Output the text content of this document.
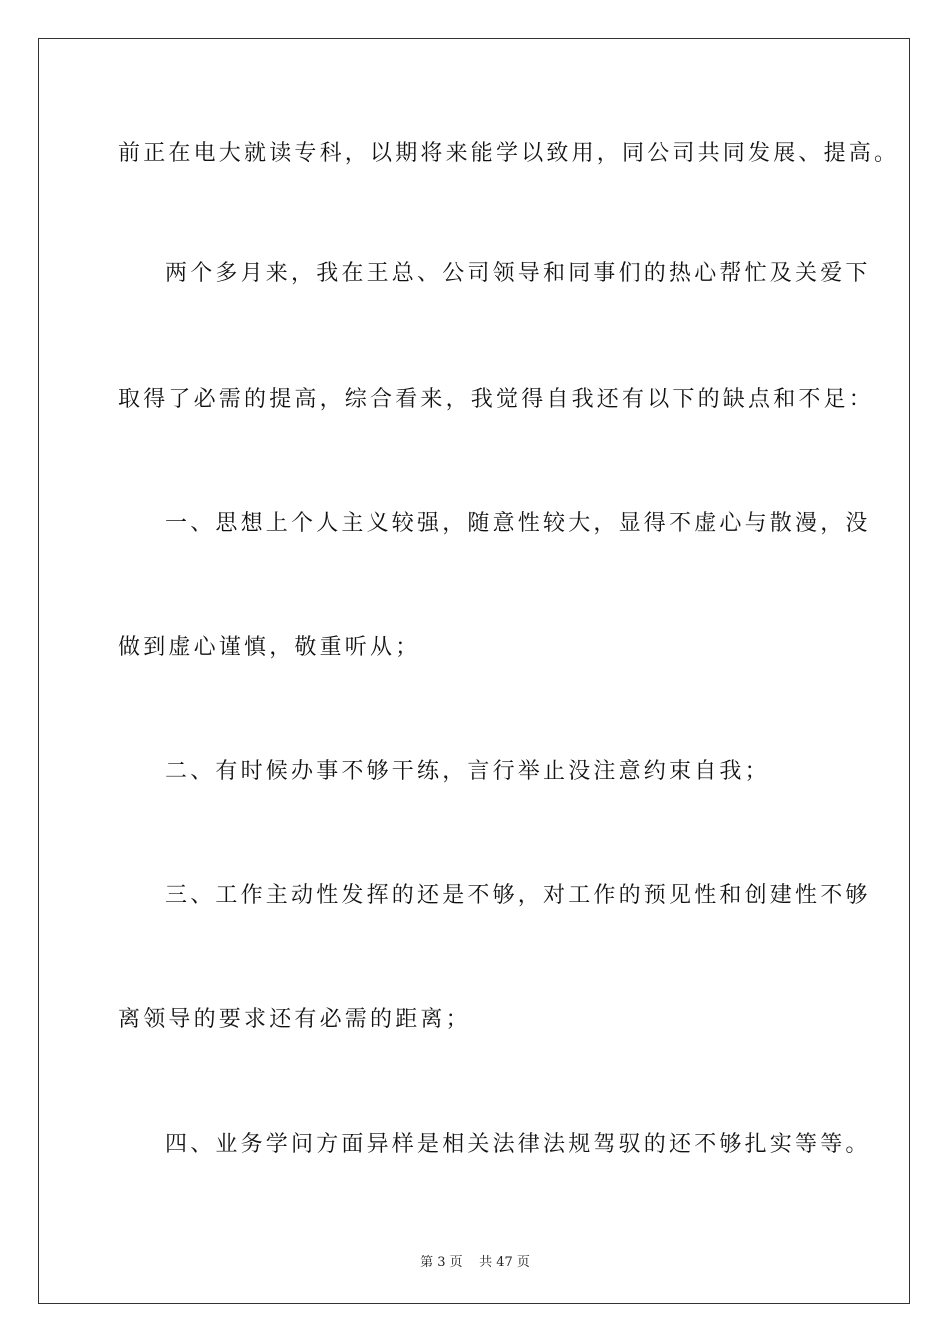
前正在电大就读专科，以期将来能学以致用，同公司共同发展、提高。
两个多月来，我在王总、公司领导和同事们的热心帮忙及关爱下
取得了必需的提高，综合看来，我觉得自我还有以下的缺点和不足：
一、思想上个人主义较强，随意性较大，显得不虚心与散漫，没
做到虚心谨慎，敬重听从；
二、有时候办事不够干练，言行举止没注意约束自我；
三、工作主动性发挥的还是不够，对工作的预见性和创建性不够
离领导的要求还有必需的距离；
四、业务学问方面异样是相关法律法规驾驭的还不够扎实等等。
第 3 页    共 47 页
